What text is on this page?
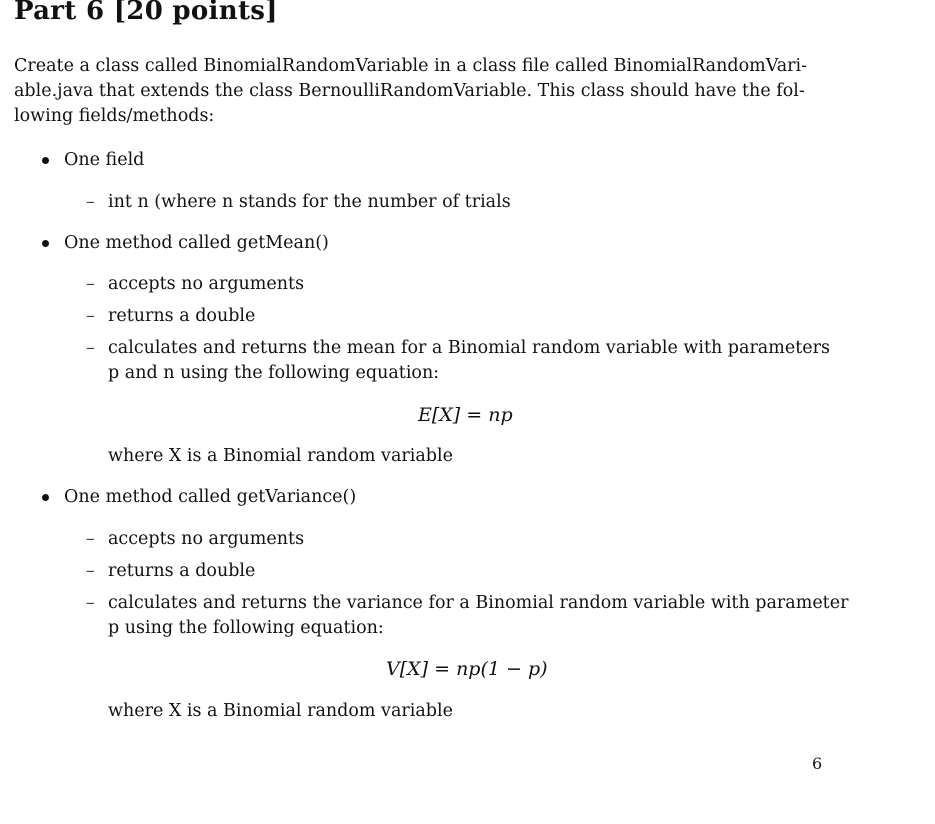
Part 6 [20 points]

Create a class called BinomialRandomVariable in a class file called BinomialRandomVari-
able.java that extends the class BernoulliRandomVariable. This class should have the fol-
lowing fields/methods:

One field
– int n (where n stands for the number of trials
One method called getMean()
– accepts no arguments
– returns a double
– calculates and returns the mean for a Binomial random variable with parameters
p and n using the following equation:
E[X] = np
where X is a Binomial random variable
One method called getVariance()
– accepts no arguments
– returns a double
– calculates and returns the variance for a Binomial random variable with parameter
p using the following equation:
V[X] = np(1 − p)
where X is a Binomial random variable
6
